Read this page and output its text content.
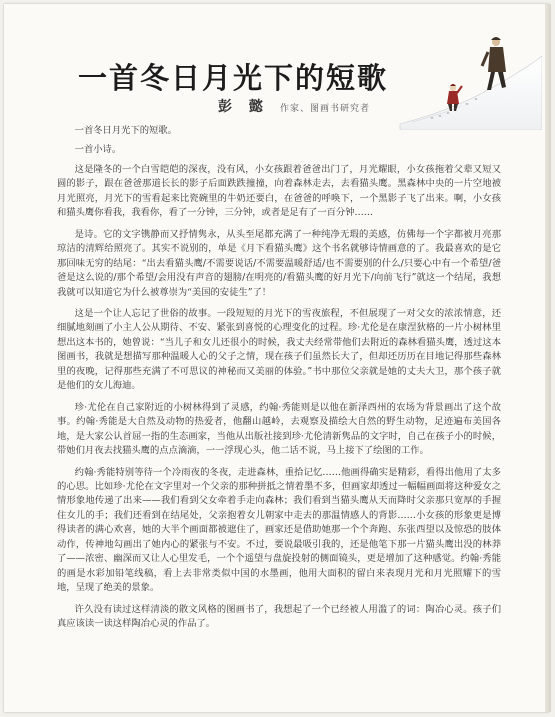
一首冬日月光下的短歌
彭 懿 作家、图画书研究者

一首冬日月光下的短歌。

一首小诗。

这是隆冬的一个白雪皑皑的深夜，没有风，小女孩跟着爸爸出门了，月光耀眼，小女孩拖着父辈又短又圆的影子，跟在爸爸那道长长的影子后面跌跌撞撞，向着森林走去，去看猫头鹰。黑森林中央的一片空地被月光照亮，月光下的雪看起来比瓷碗里的牛奶还要白，在爸爸的呼唤下，一个黑影子飞了出来。啊，小女孩和猫头鹰你看我，我看你，看了一分钟，三分钟，或者是足有了一百分钟……

是诗。它的文字镌静而又抒情隽永，从头至尾都充满了一种纯净无瑕的美感，仿佛每一个字都被月亮那琼洁的清辉给照亮了。其实不说别的，单是《月下看猫头鹰》这个书名就够诗情画意的了。我最喜欢的是它那回味无穷的结尾：“出去看猫头鹰/不需要说话/不需要温暖舒适/也不需要别的什么/只要心中有一个希望/爸爸是这么说的/那个希望/会用没有声音的翅膀/在明亮的/看猫头鹰的好月光下/向前飞行”就这一个结尾，我想我就可以知道它为什么被尊崇为“美国的安徒生”了！

这是一个让人忘记了世俗的故事。一段短短的月光下的雪夜旅程，不但展现了一对父女的浓浓情意，还细腻地刻画了小主人公从期待、不安、紧张到喜悦的心理变化的过程。珍·尤伦是在康涅狄格的一片小树林里想出这本书的，她曾说：“当儿子和女儿还很小的时候，我丈夫经常带他们去附近的森林看猫头鹰，透过这本图画书，我就是想描写那种温暖人心的父子之情，现在孩子们虽然长大了，但却还历历在目地记得那些森林里的夜晚，记得那些充满了不可思议的神秘而又美丽的体验。”书中那位父亲就是她的丈夫大卫，那个孩子就是他们的女儿海迪。

珍·尤伦在自己家附近的小树林得到了灵感，约翰·秀能则是以他在新泽西州的农场为背景画出了这个故事。约翰·秀能是大自然及动物的热爱者，他翻山越岭，去观察及描绘大自然的野生动物，足迹遍布美国各地，是大家公认首屈一指的生态画家，当他从出版社接到珍·尤伦清新隽品的文字时，自己在孩子小的时候，带她们月夜去找猫头鹰的点点滴滴，一一浮现心头，他二话不说，马上接下了绘图的工作。

约翰·秀能特别等待一个冷雨夜的冬夜，走进森林，重拾记忆……他画得确实是精彩，看得出他用了太多的心思。比如珍·尤伦在文字里对一个父亲的那种拼抵之情着墨不多，但画家却透过一幅幅画面将这种爱女之情形象地传递了出来——我们看到父女牵着手走向森林；我们看到当猫头鹰从天而降时父亲那只宽厚的手握住女儿的手；我们还看到在结尾处，父亲抱着女儿朝家中走去的那温情感人的背影……小女孩的形象更是博得读者的满心欢喜，她的大半个画面都被遮住了，画家还是借助她那一个个奔跑、东张西望以及惊恐的肢体动作，传神地勾画出了她内心的紧张与不安。不过，要说最吸引我的，还是他笔下那一片猫头鹰出没的林莽了——浓密、幽深而又让人心里发毛，一个个遥望与盘旋投射的侧面镜头，更是增加了这种感觉。约翰·秀能的画是水彩加铅笔线稿，看上去非常类似中国的水墨画，他用大面积的留白来表现月光和月光照耀下的雪地，呈现了绝美的景象。

许久没有读过这样清淡的散文风格的图画书了，我想起了一个已经被人用滥了的词：陶冶心灵。孩子们真应该读一读这样陶冶心灵的作品了。
